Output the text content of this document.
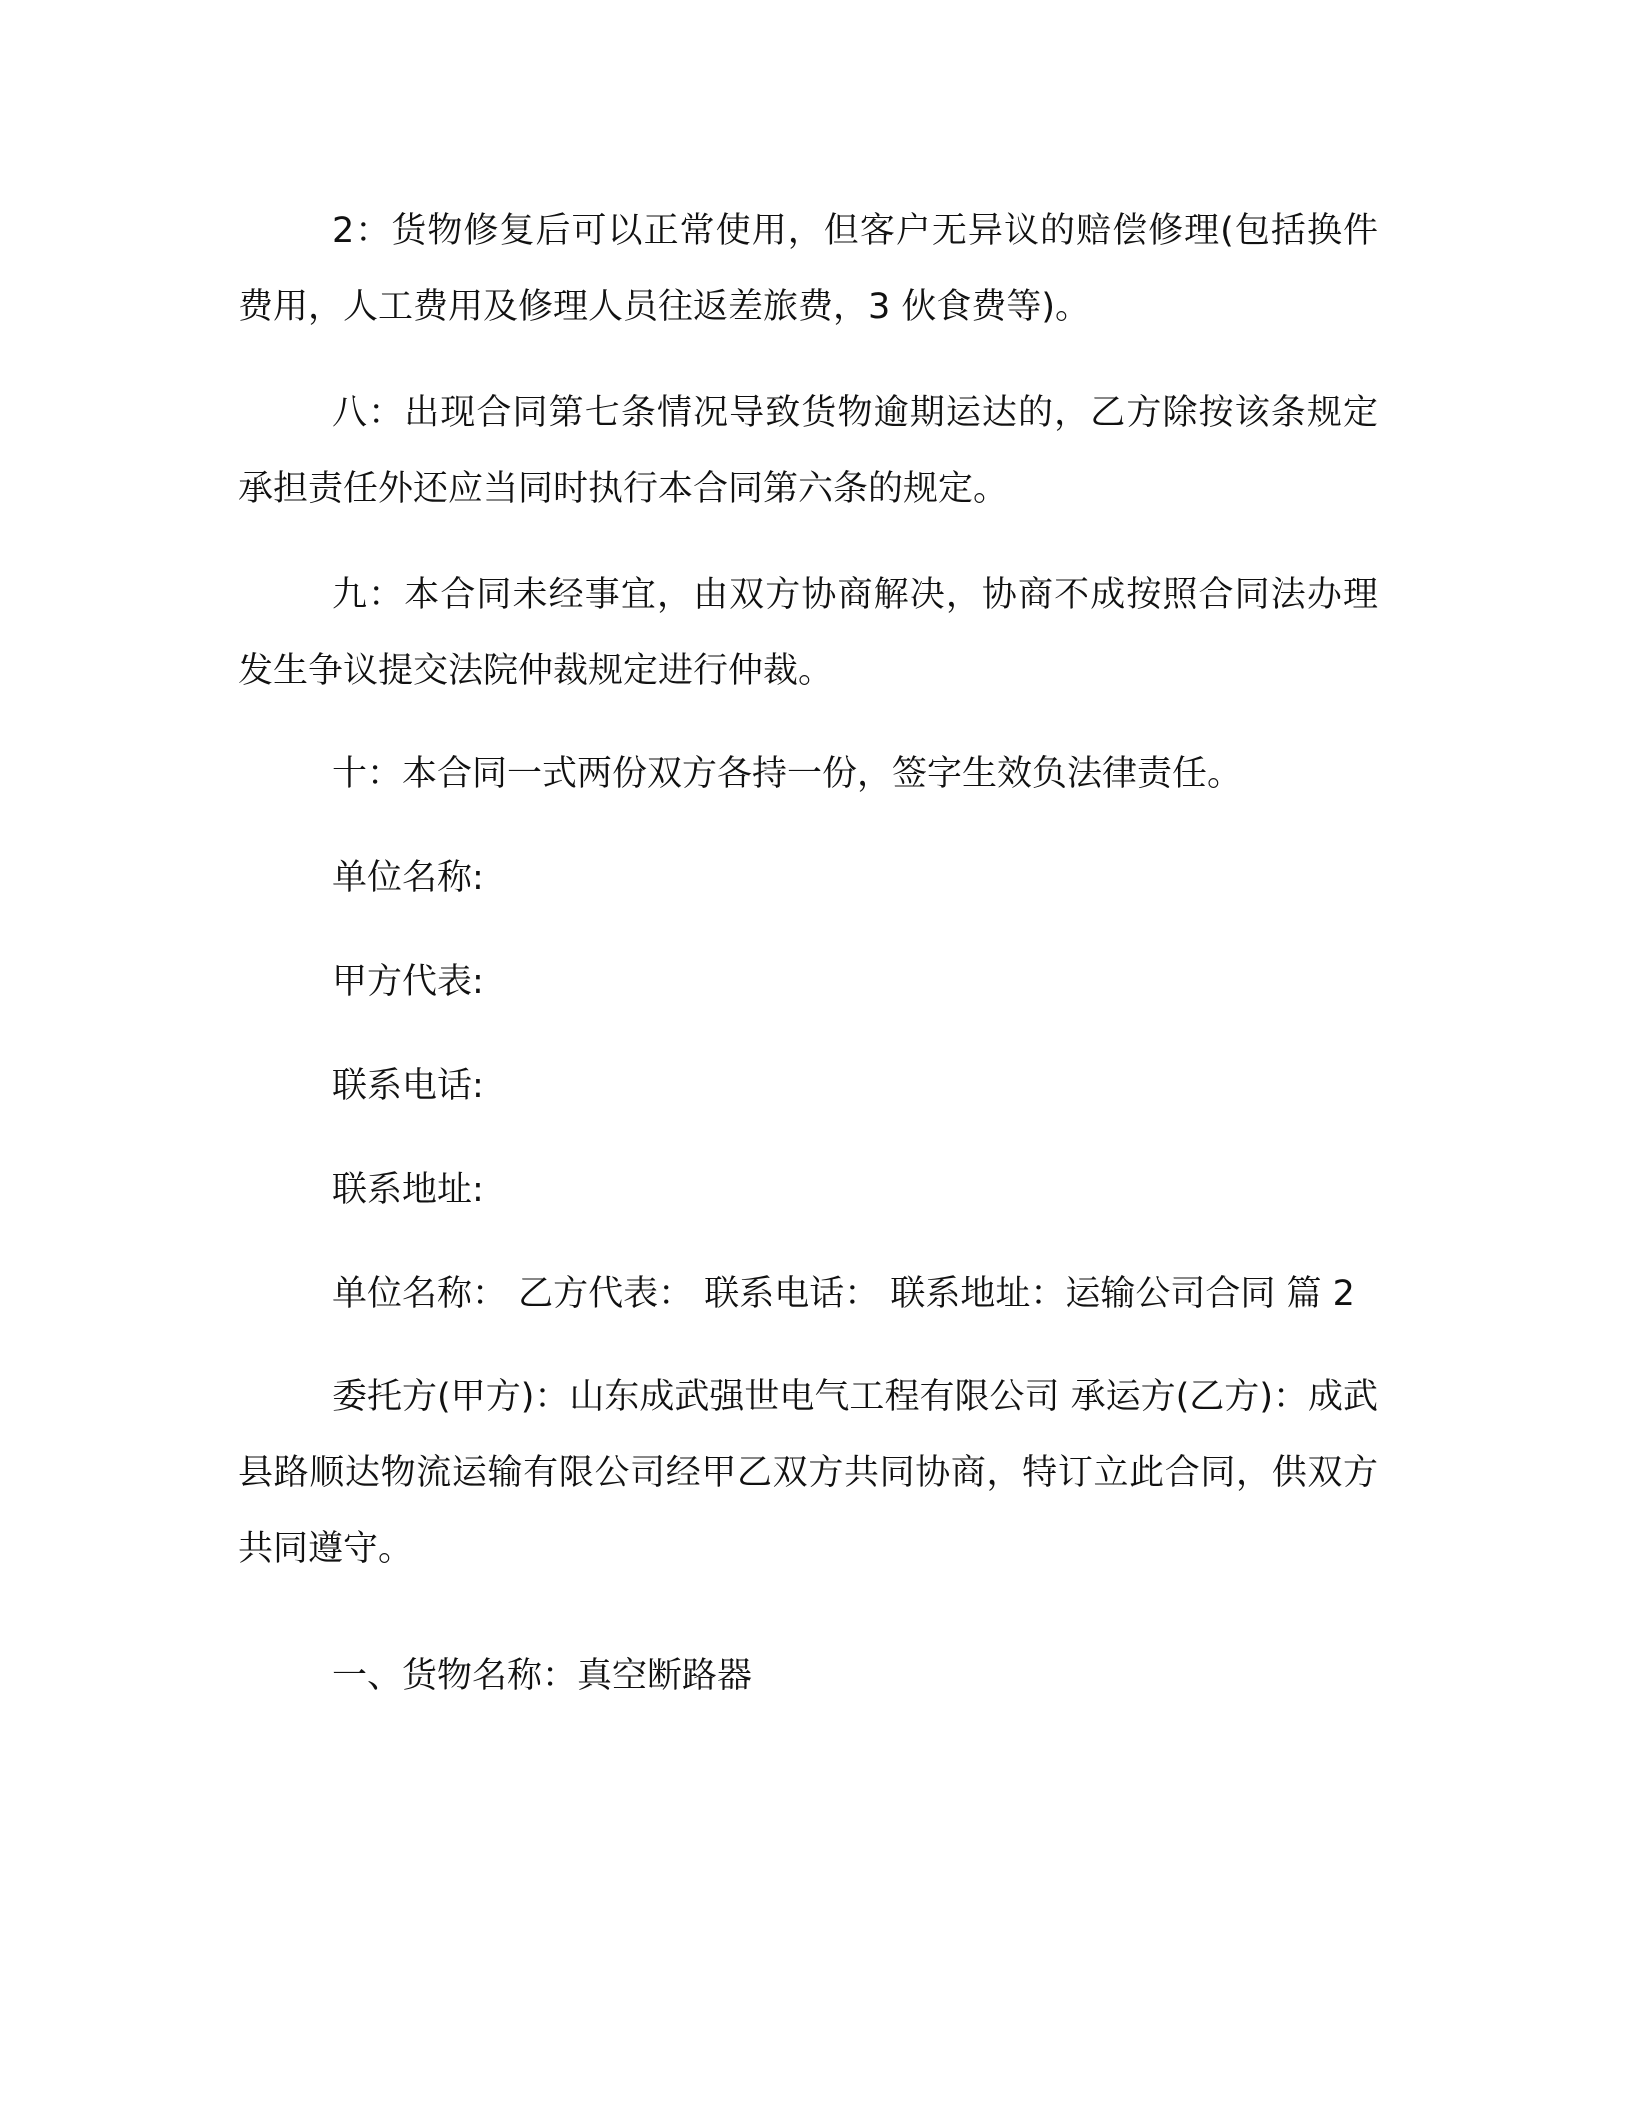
2：货物修复后可以正常使用，但客户无异议的赔偿修理(包括换件费用，人工费用及修理人员往返差旅费，3 伙食费等)。

八：出现合同第七条情况导致货物逾期运达的，乙方除按该条规定承担责任外还应当同时执行本合同第六条的规定。

九：本合同未经事宜，由双方协商解决，协商不成按照合同法办理发生争议提交法院仲裁规定进行仲裁。

十：本合同一式两份双方各持一份，签字生效负法律责任。

单位名称:

甲方代表:

联系电话:

联系地址:

单位名称： 乙方代表： 联系电话： 联系地址：运输公司合同 篇 2

委托方(甲方)：山东成武强世电气工程有限公司 承运方(乙方)：成武县路顺达物流运输有限公司经甲乙双方共同协商，特订立此合同，供双方共同遵守。

一、货物名称：真空断路器
